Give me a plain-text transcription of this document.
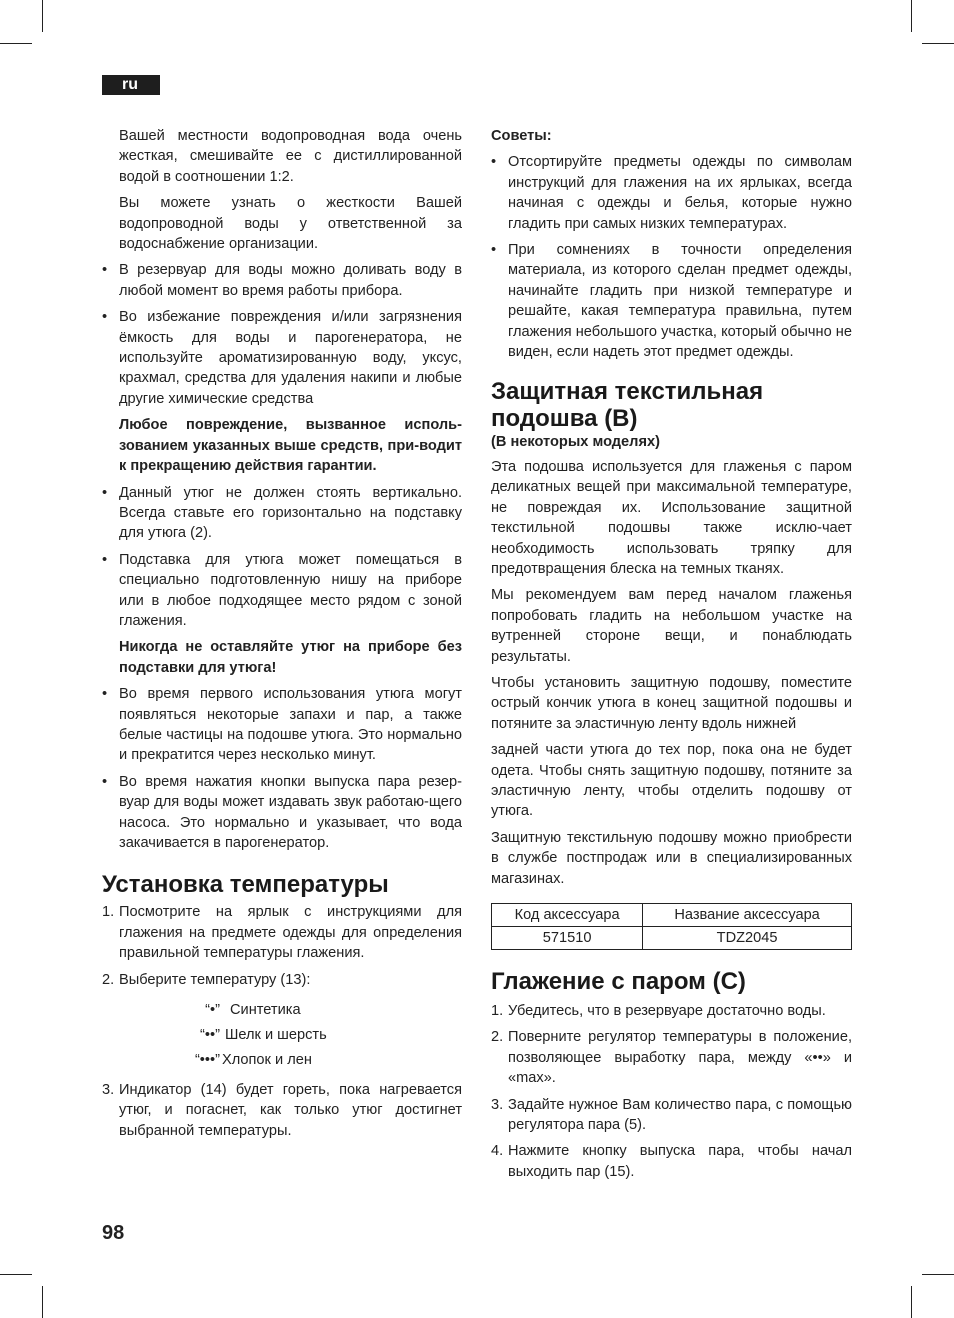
ru

Вашей местности водопроводная вода очень жесткая, смешивайте ее с дистиллированной водой в соотношении 1:2.

Вы можете узнать о жесткости Вашей водопроводной воды у ответственной за водоснабжение организации.

• В резервуар для воды можно доливать воду в любой момент во время работы прибора.
• Во избежание повреждения и/или загрязнения ёмкость для воды и парогенератора, не используйте ароматизированную воду, уксус, крахмал, средства для удаления накипи и любые другие химические средства

Любое повреждение, вызванное исполь-зованием указанных выше средств, при-водит к прекращению действия гарантии.

• Данный утюг не должен стоять вертикально. Всегда ставьте его горизонтально на подставку для утюга (2).
• Подставка для утюга может помещаться в специально подготовленную нишу на приборе или в любое подходящее место рядом с зоной глажения.

Никогда не оставляйте утюг на приборе без подставки для утюга!

• Во время первого использования утюга могут появляться некоторые запахи и пар, а также белые частицы на подошве утюга. Это нормально и прекратится через несколько минут.
• Во время нажатия кнопки выпуска пара резер-вуар для воды может издавать звук работаю-щего насоса. Это нормально и указывает, что вода закачивается в парогенератор.
Установка температуры
1. Посмотрите на ярлык с инструкциями для глажения на предмете одежды для определения правильной температуры глажения.
2. Выберите температуру (13):
“•” Синтетика
“••” Шелк и шерсть
“•••” Хлопок и лен
3. Индикатор (14) будет гореть, пока нагревается утюг, и погаснет, как только утюг достигнет выбранной температуры.
Советы:
• Отсортируйте предметы одежды по символам инструкций для глажения на их ярлыках, всегда начиная с одежды и белья, которые нужно гладить при самых низких температурах.
• При сомнениях в точности определения материала, из которого сделан предмет одежды, начинайте гладить при низкой температуре и решайте, какая температура правильна, путем глажения небольшого участка, который обычно не виден, если надеть этот предмет одежды.
Защитная текстильная подошва (B)
(В некоторых моделях)

Эта подошва используется для глаженья с паром деликатных вещей при максимальной температуре, не повреждая их. Использование защитной текстильной подошвы также исклю-чает необходимость использовать тряпку для предотвращения блеска на темных тканях.

Мы рекомендуем вам перед началом глаженья попробовать гладить на небольшом участке на вутренней стороне вещи, и понаблюдать результаты.

Чтобы установить защитную подошву, поместите острый кончик утюга в конец защитной подошвы и потяните за эластичную ленту вдоль нижней

задней части утюга до тех пор, пока она не будет одета. Чтобы снять защитную подошву, потяните за эластичную ленту, чтобы отделить подошву от утюга.

Защитную текстильную подошву можно приобрести в службе постпродаж или в специализированных магазинах.

Код аксессуара	Название аксессуара
571510	TDZ2045
Глажение с паром (C)
1. Убедитесь, что в резервуаре достаточно воды.
2. Поверните регулятор температуры в положение, позволяющее выработку пара, между «••» и «max».
3. Задайте нужное Вам количество пара, с помощью регулятора пара (5).
4. Нажмите кнопку выпуска пара, чтобы начал выходить пар (15).
98
